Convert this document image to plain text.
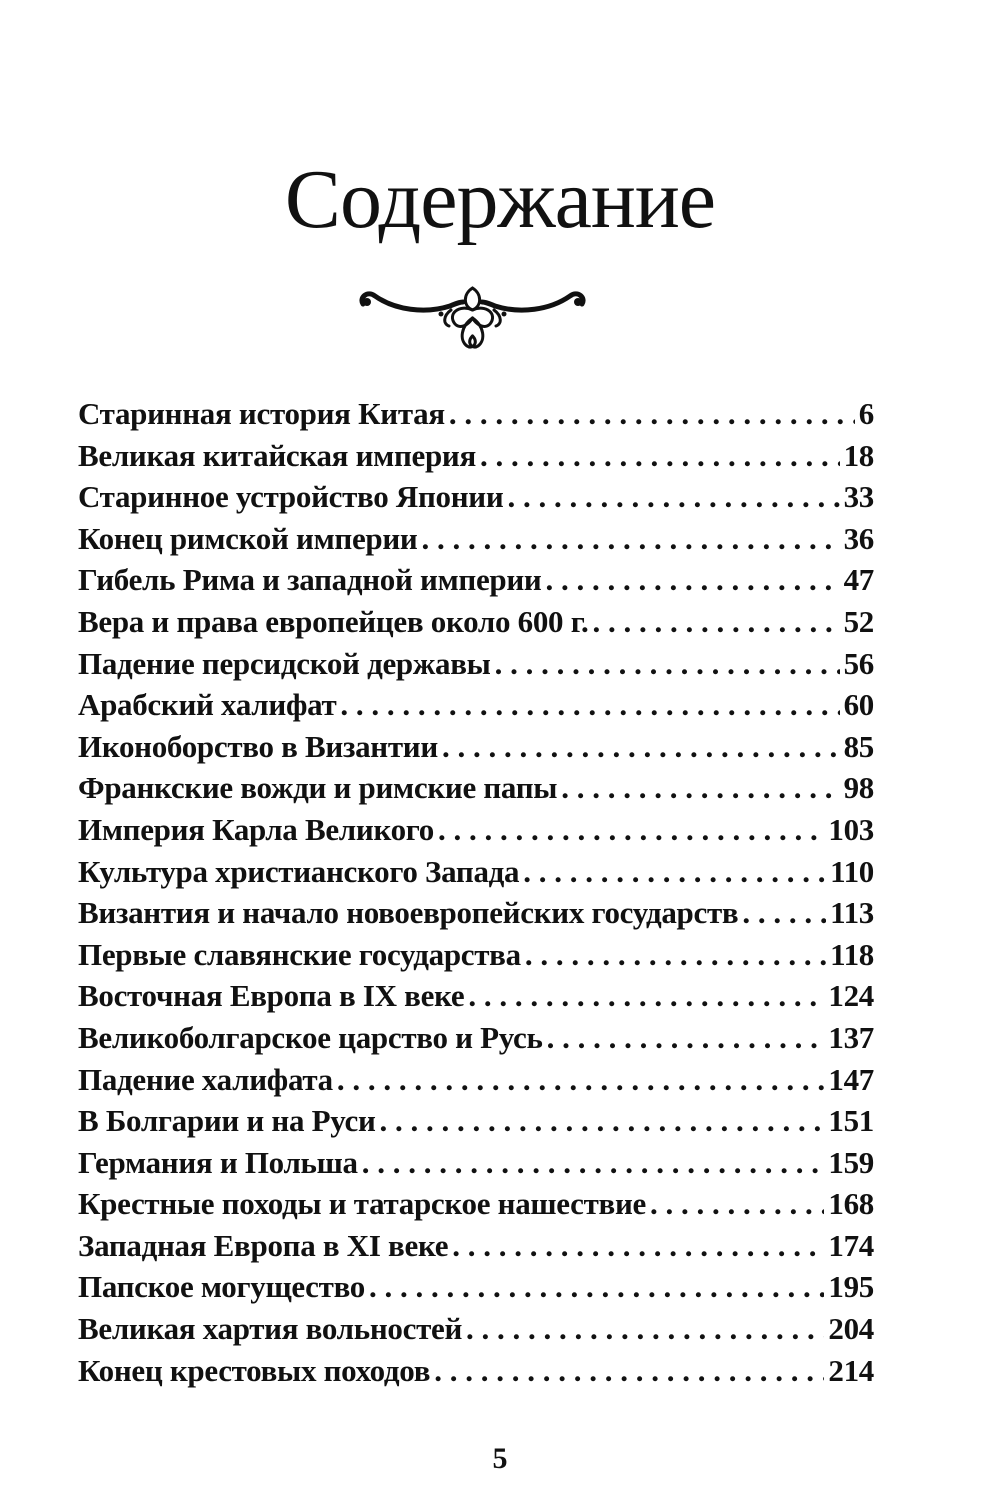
Содержание
Старинная история Китая . . .	6
Великая китайская империя . . .	18
Старинное устройство Японии . . .	33
Конец римской империи . . .	36
Гибель Рима и западной империи . . .	47
Вера и права европейцев около 600 г. . . .	52
Падение персидской державы . . .	56
Арабский халифат . . .	60
Иконоборство в Византии . . .	85
Франкские вожди и римские папы . . .	98
Империя Карла Великого . . .	103
Культура христианского Запада . . .	110
Византия и начало новоевропейских государств . . .	113
Первые славянские государства . . .	118
Восточная Европа в IX веке . . .	124
Великоболгарское царство и Русь . . .	137
Падение халифата . . .	147
В Болгарии и на Руси . . .	151
Германия и Польша . . .	159
Крестные походы и татарское нашествие . . .	168
Западная Европа в XI веке . . .	174
Папское могущество . . .	195
Великая хартия вольностей . . .	204
Конец крестовых походов . . .	214

5
